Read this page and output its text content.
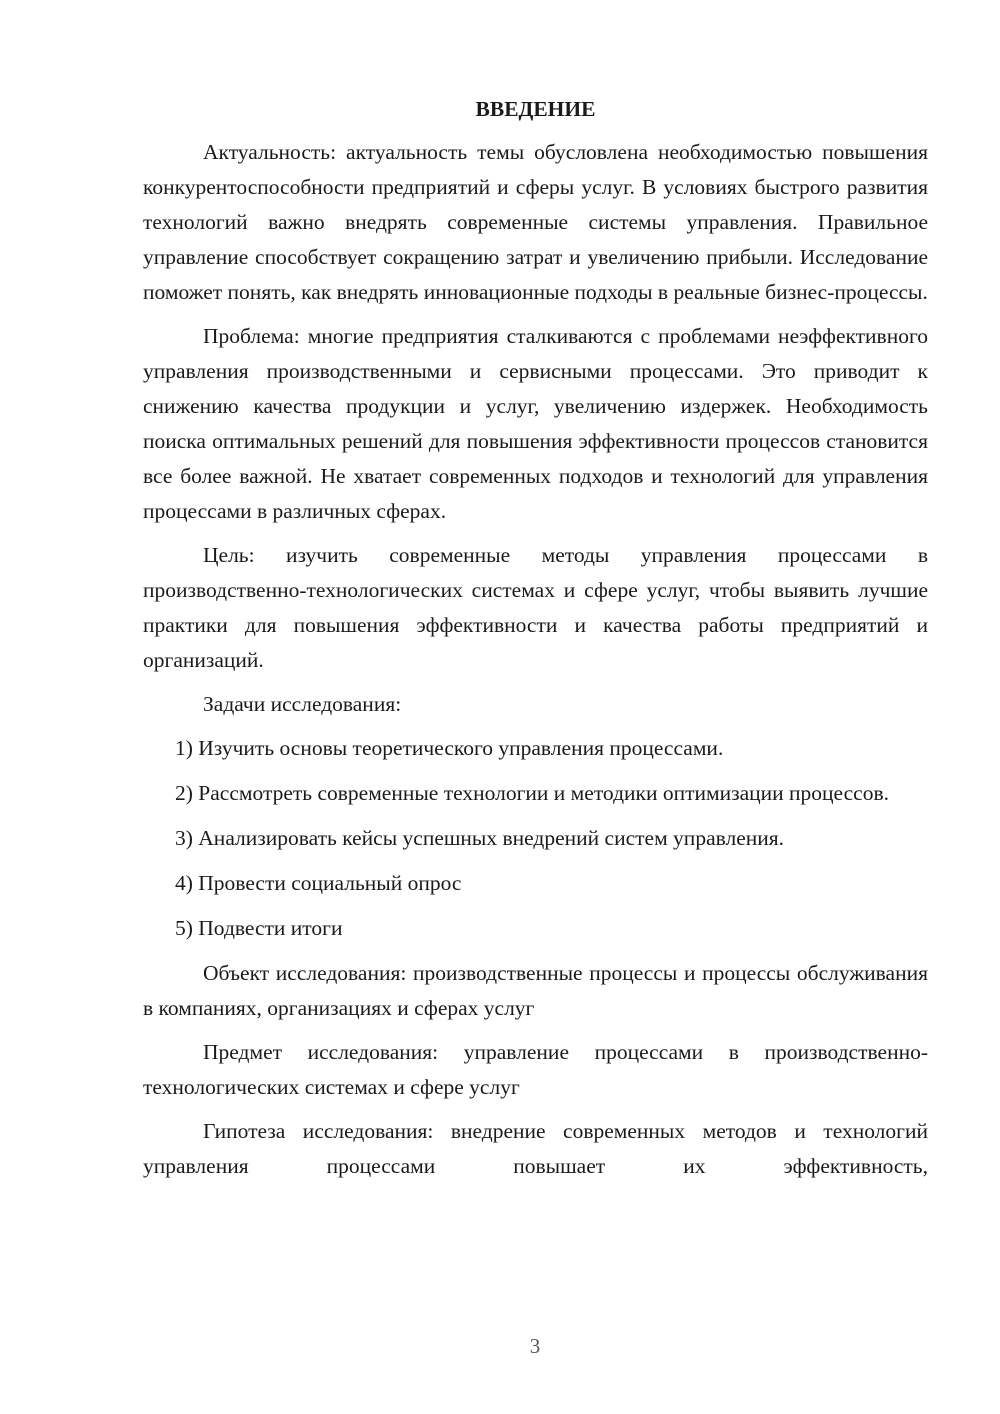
ВВЕДЕНИЕ

Актуальность: актуальность темы обусловлена необходимостью повышения конкурентоспособности предприятий и сферы услуг. В условиях быстрого развития технологий важно внедрять современные системы управления. Правильное управление способствует сокращению затрат и увеличению прибыли. Исследование поможет понять, как внедрять инновационные подходы в реальные бизнес-процессы.

Проблема: многие предприятия сталкиваются с проблемами неэффективного управления производственными и сервисными процессами. Это приводит к снижению качества продукции и услуг, увеличению издержек. Необходимость поиска оптимальных решений для повышения эффективности процессов становится все более важной. Не хватает современных подходов и технологий для управления процессами в различных сферах.

Цель: изучить современные методы управления процессами в производственно-технологических системах и сфере услуг, чтобы выявить лучшие практики для повышения эффективности и качества работы предприятий и организаций.

Задачи исследования:

1) Изучить основы теоретического управления процессами.

2) Рассмотреть современные технологии и методики оптимизации процессов.

3) Анализировать кейсы успешных внедрений систем управления.

4) Провести социальный опрос

5) Подвести итоги

Объект исследования: производственные процессы и процессы обслуживания в компаниях, организациях и сферах услуг

Предмет исследования: управление процессами в производственно-технологических системах и сфере услуг

Гипотеза исследования: внедрение современных методов и технологий управления процессами повышает их эффективность,

3
